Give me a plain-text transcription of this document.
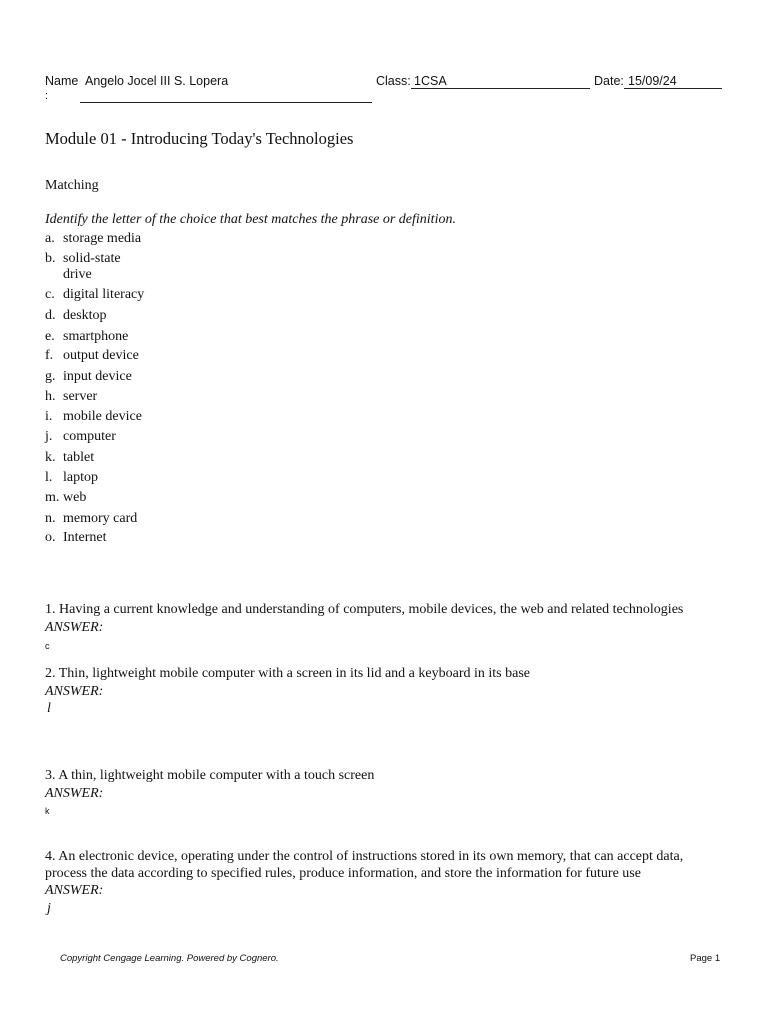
Name
:
Angelo Jocel III S. Lopera	Class: 1CSA	Date: 15/09/24
Module 01 - Introducing Today's Technologies
Matching
Identify the letter of the choice that best matches the phrase or definition.
a. storage media
b. solid-state
drive
c. digital literacy
d. desktop
e. smartphone
f. output device
g. input device
h. server
i. mobile device
j. computer
k. tablet
l. laptop
m. web
n. memory card
o. Internet
1. Having a current knowledge and understanding of computers, mobile devices, the web and related technologies
ANSWER:
c
2. Thin, lightweight mobile computer with a screen in its lid and a keyboard in its base
ANSWER:
l
3. A thin, lightweight mobile computer with a touch screen
ANSWER:
k
4. An electronic device, operating under the control of instructions stored in its own memory, that can accept data, process the data according to specified rules, produce information, and store the information for future use
ANSWER:
j
Copyright Cengage Learning. Powered by Cognero.	Page 1
